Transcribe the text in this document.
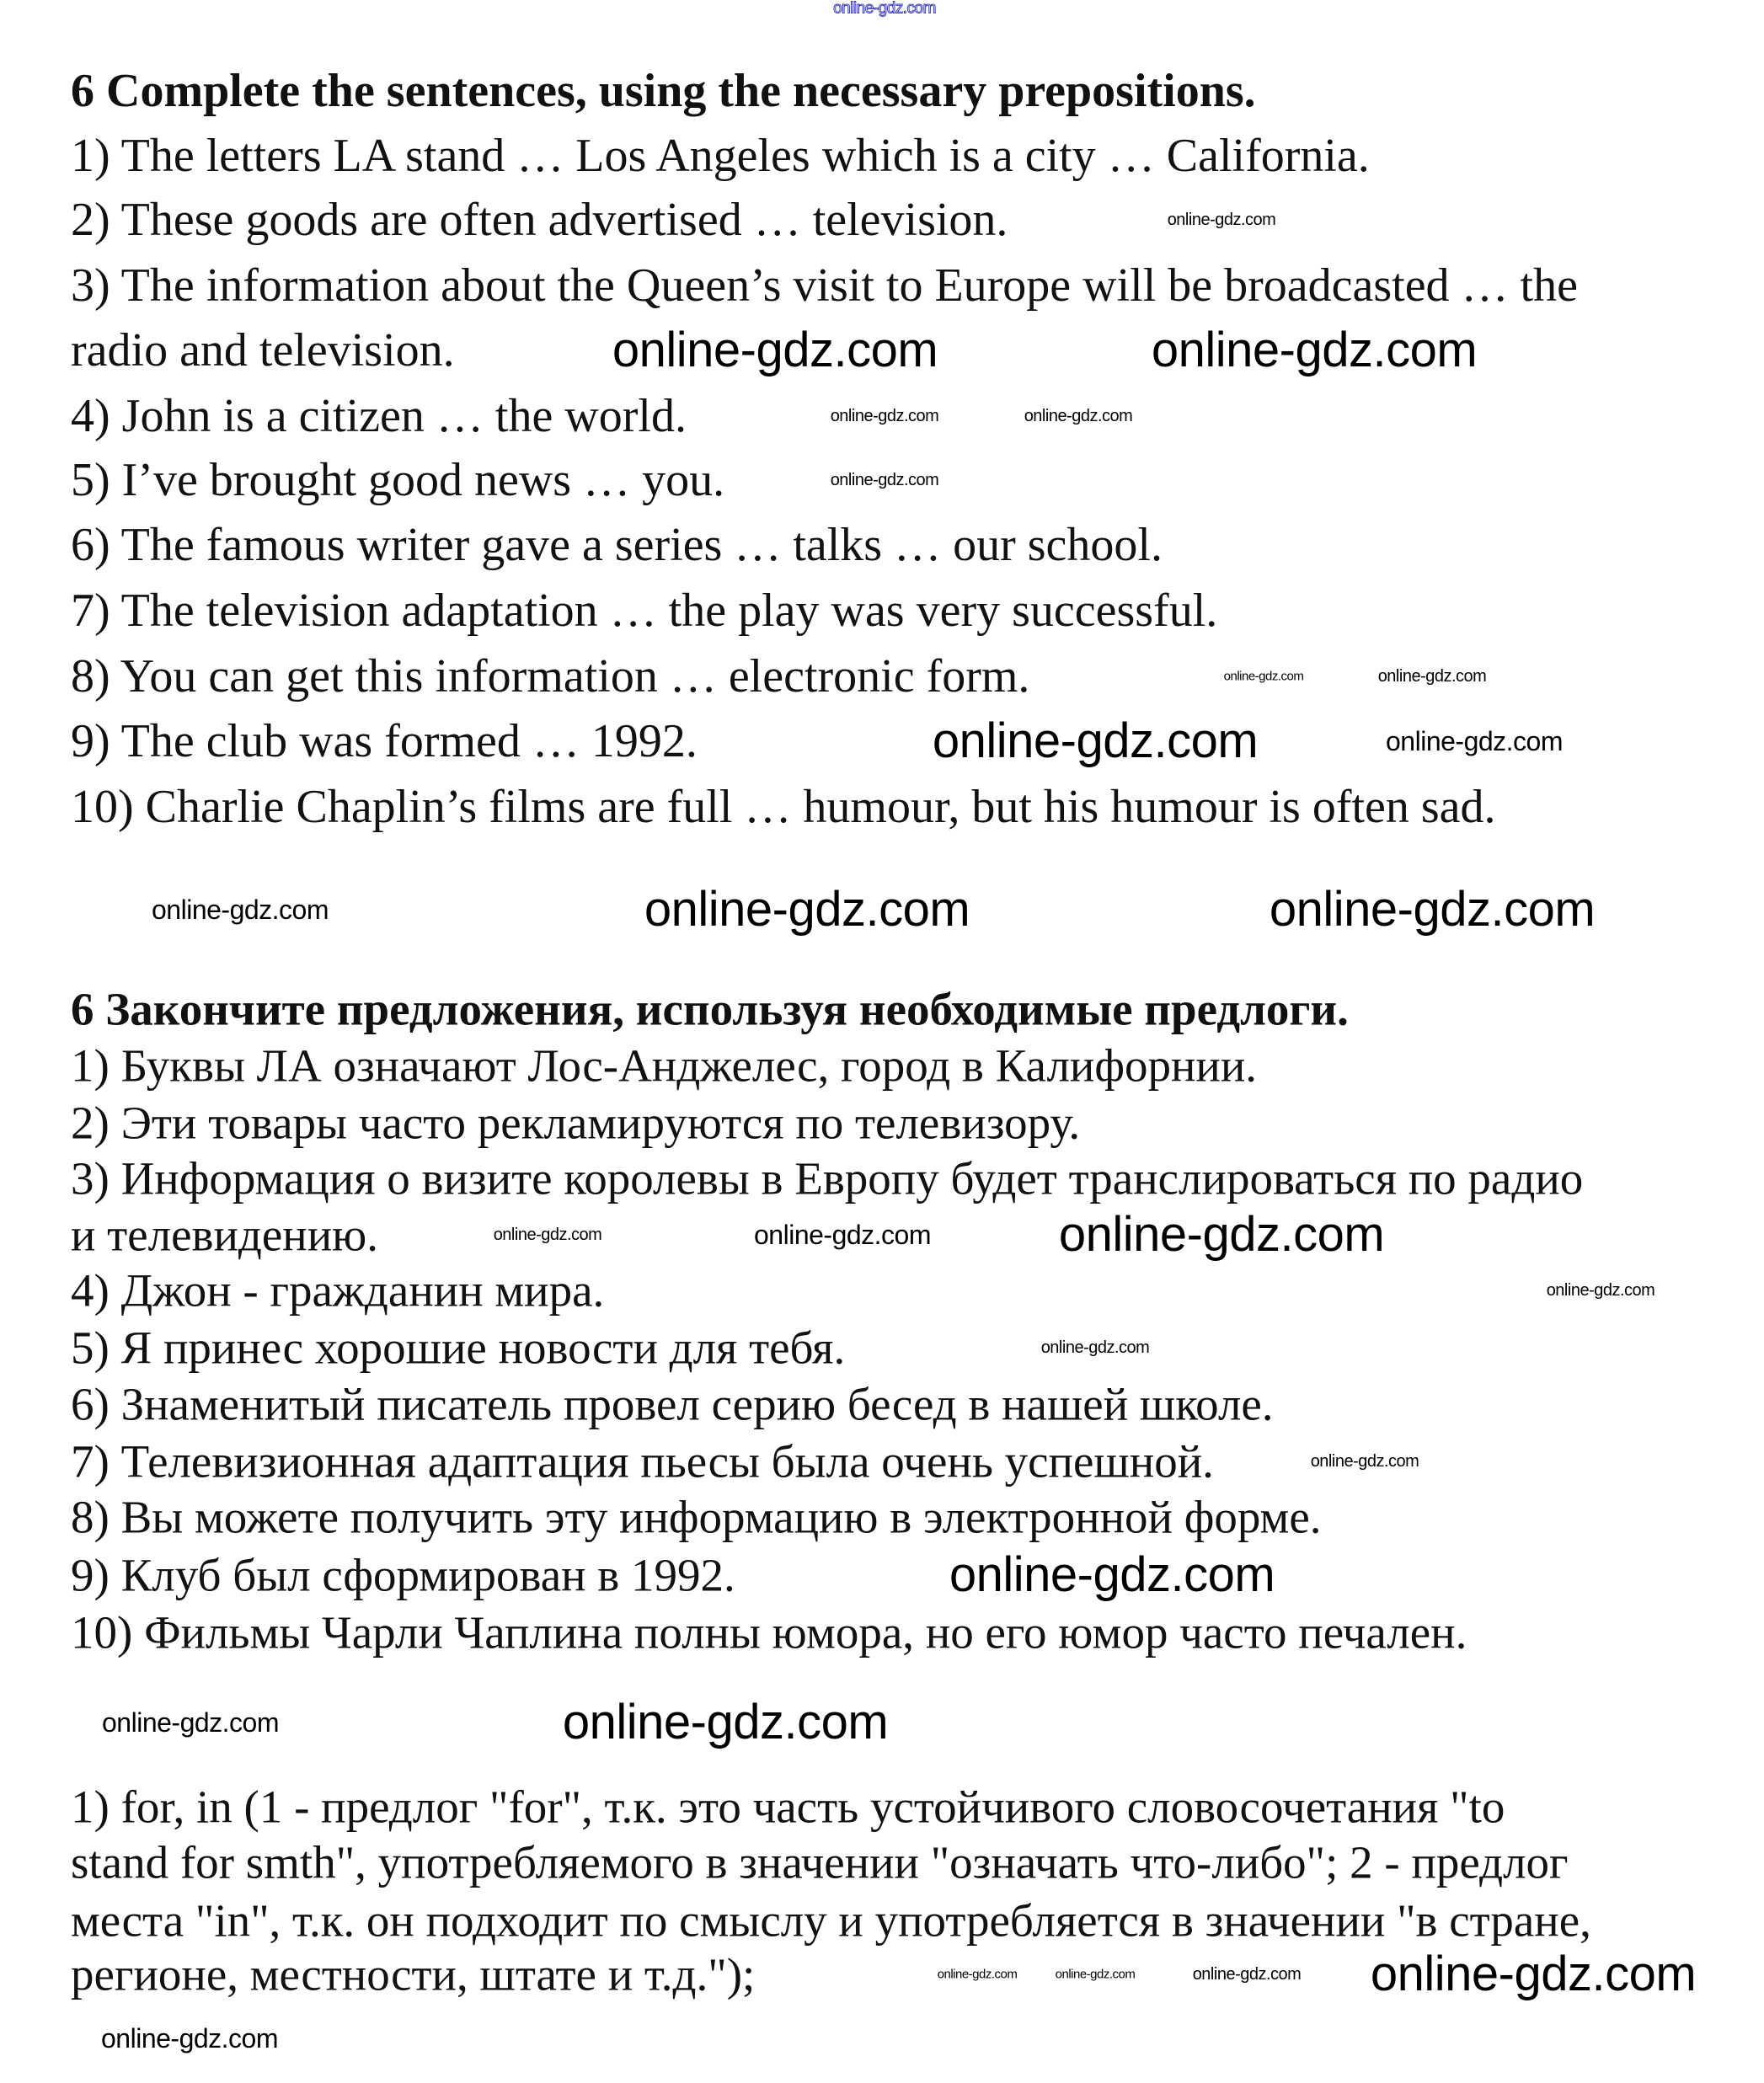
6 Complete the sentences, using the necessary prepositions.
1) The letters LA stand … Los Angeles which is a city … California.
2) These goods are often advertised … television.
3) The information about the Queen’s visit to Europe will be broadcasted … the
radio and television.
4) John is a citizen … the world.
5) I’ve brought good news … you.
6) The famous writer gave a series … talks … our school.
7) The television adaptation … the play was very successful.
8) You can get this information … electronic form.
9) The club was formed … 1992.
10) Charlie Chaplin’s films are full … humour, but his humour is often sad.
6 Закончите предложения, используя необходимые предлоги.
1) Буквы ЛА означают Лос-Анджелес, город в Калифорнии.
2) Эти товары часто рекламируются по телевизору.
3) Информация о визите королевы в Европу будет транслироваться по радио
и телевидению.
4) Джон - гражданин мира.
5) Я принес хорошие новости для тебя.
6) Знаменитый писатель провел серию бесед в нашей школе.
7) Телевизионная адаптация пьесы была очень успешной.
8) Вы можете получить эту информацию в электронной форме.
9) Клуб был сформирован в 1992.
10) Фильмы Чарли Чаплина полны юмора, но его юмор часто печален.
1) for, in (1 - предлог "for", т.к. это часть устойчивого словосочетания "to
stand for smth", употребляемого в значении "означать что-либо"; 2 - предлог
места "in", т.к. он подходит по смыслу и употребляется в значении "в стране,
регионе, местности, штате и т.д.");
online-gdz.com
online-gdz.com
online-gdz.com	online-gdz.com
online-gdz.com
online-gdz.com	online-gdz.com
online-gdz.com
online-gdz.com	online-gdz.com
online-gdz.com
online-gdz.com	online-gdz.com	online-gdz.com
online-gdz.com	online-gdz.com	online-gdz.com
online-gdz.com
online-gdz.com
online-gdz.com
online-gdz.com
online-gdz.com
online-gdz.com
online-gdz.com
online-gdz.com	online-gdz.com	online-gdz.com online-gdz.com
